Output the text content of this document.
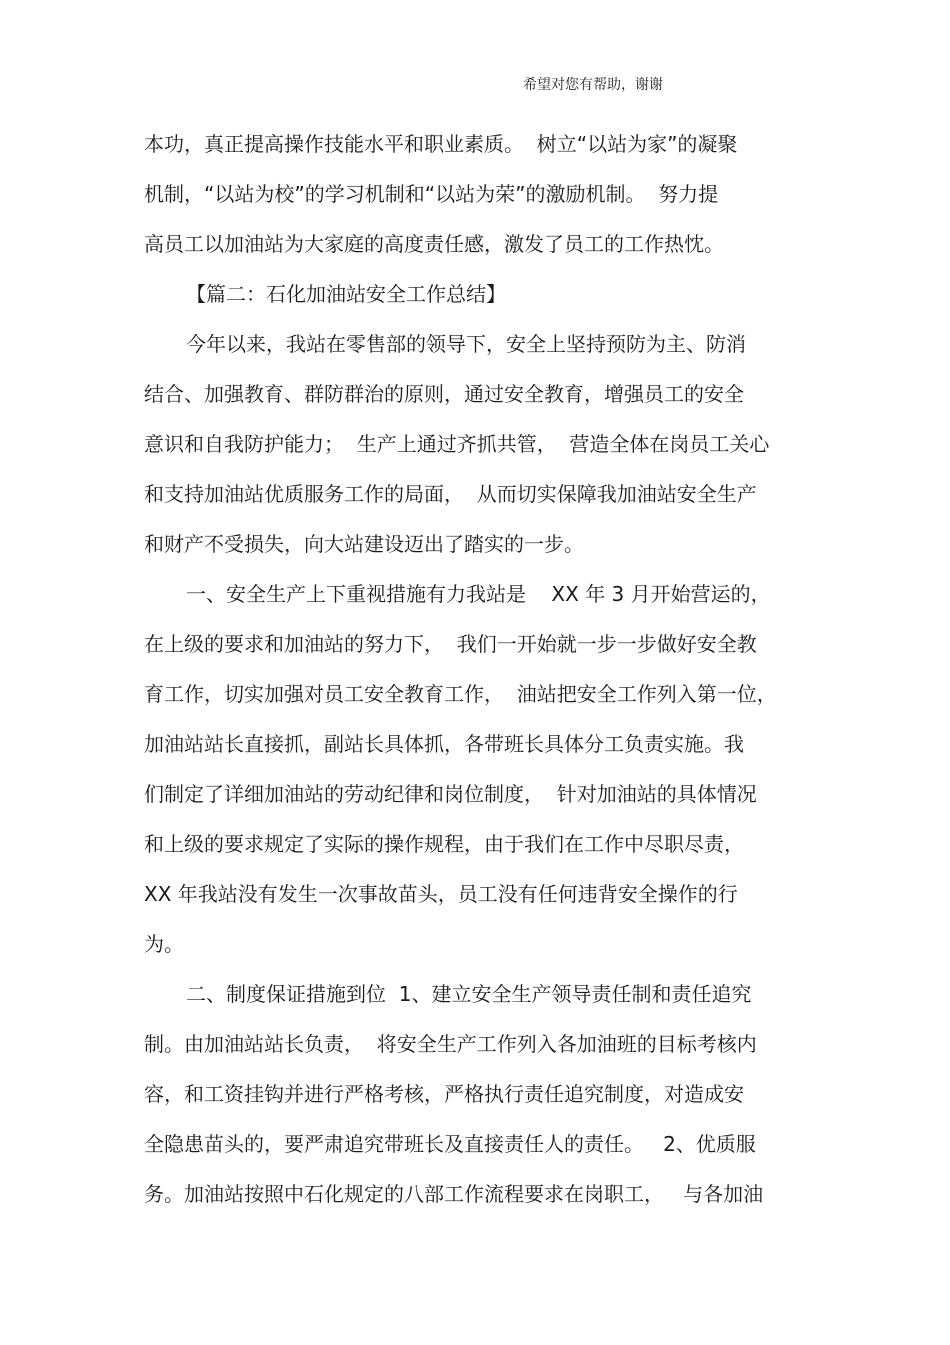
希望对您有帮助，谢谢
本功，真正提高操作技能水平和职业素质。  树立“以站为家”的凝聚
机制，“以站为校”的学习机制和“以站为荣”的激励机制。  努力提
高员工以加油站为大家庭的高度责任感，激发了员工的工作热忱。
【篇二：石化加油站安全工作总结】
今年以来，我站在零售部的领导下，安全上坚持预防为主、防消
结合、加强教育、群防群治的原则，通过安全教育，增强员工的安全
意识和自我防护能力；  生产上通过齐抓共管，  营造全体在岗员工关心
和支持加油站优质服务工作的局面，  从而切实保障我加油站安全生产
和财产不受损失，向大站建设迈出了踏实的一步。
一、安全生产上下重视措施有力我站是    XX 年 3 月开始营运的，
在上级的要求和加油站的努力下，  我们一开始就一步一步做好安全教
育工作，切实加强对员工安全教育工作，  油站把安全工作列入第一位，
加油站站长直接抓，副站长具体抓，各带班长具体分工负责实施。我
们制定了详细加油站的劳动纪律和岗位制度，  针对加油站的具体情况
和上级的要求规定了实际的操作规程，由于我们在工作中尽职尽责，
XX 年我站没有发生一次事故苗头，员工没有任何违背安全操作的行
为。
二、制度保证措施到位  1、建立安全生产领导责任制和责任追究
制。由加油站站长负责，  将安全生产工作列入各加油班的目标考核内
容，和工资挂钩并进行严格考核，严格执行责任追究制度，对造成安
全隐患苗头的，要严肃追究带班长及直接责任人的责任。   2、优质服
务。加油站按照中石化规定的八部工作流程要求在岗职工，   与各加油
